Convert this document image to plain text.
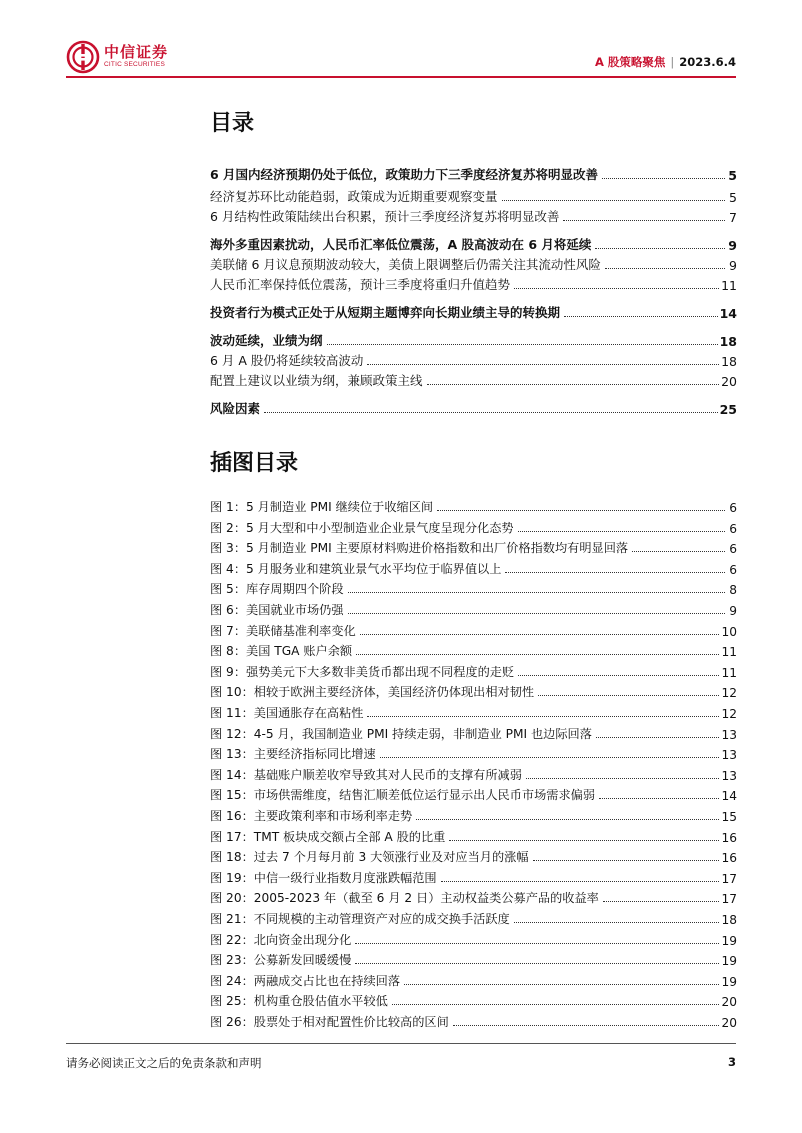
中信证券
CITIC SECURITIES	A 股策略聚焦 | 2023.6.4
目录
6 月国内经济预期仍处于低位，政策助力下三季度经济复苏将明显改善	5
经济复苏环比动能趋弱，政策成为近期重要观察变量	5
6 月结构性政策陆续出台积累，预计三季度经济复苏将明显改善	7
海外多重因素扰动，人民币汇率低位震荡，A 股高波动在 6 月将延续	9
美联储 6 月议息预期波动较大，美债上限调整后仍需关注其流动性风险	9
人民币汇率保持低位震荡，预计三季度将重归升值趋势	11
投资者行为模式正处于从短期主题博弈向长期业绩主导的转换期	14
波动延续，业绩为纲	18
6 月 A 股仍将延续较高波动	18
配置上建议以业绩为纲，兼顾政策主线	20
风险因素	25
插图目录
图 1：5 月制造业 PMI 继续位于收缩区间	6
图 2：5 月大型和中小型制造业企业景气度呈现分化态势	6
图 3：5 月制造业 PMI 主要原材料购进价格指数和出厂价格指数均有明显回落	6
图 4：5 月服务业和建筑业景气水平均位于临界值以上	6
图 5：库存周期四个阶段	8
图 6：美国就业市场仍强	9
图 7：美联储基准利率变化	10
图 8：美国 TGA 账户余额	11
图 9：强势美元下大多数非美货币都出现不同程度的走贬	11
图 10：相较于欧洲主要经济体，美国经济仍体现出相对韧性	12
图 11：美国通胀存在高粘性	12
图 12：4-5 月，我国制造业 PMI 持续走弱，非制造业 PMI 也边际回落	13
图 13：主要经济指标同比增速	13
图 14：基础账户顺差收窄导致其对人民币的支撑有所减弱	13
图 15：市场供需维度，结售汇顺差低位运行显示出人民币市场需求偏弱	14
图 16：主要政策利率和市场利率走势	15
图 17：TMT 板块成交额占全部 A 股的比重	16
图 18：过去 7 个月每月前 3 大领涨行业及对应当月的涨幅	16
图 19：中信一级行业指数月度涨跌幅范围	17
图 20：2005-2023 年（截至 6 月 2 日）主动权益类公募产品的收益率	17
图 21：不同规模的主动管理资产对应的成交换手活跃度	18
图 22：北向资金出现分化	19
图 23：公募新发回暖缓慢	19
图 24：两融成交占比也在持续回落	19
图 25：机构重仓股估值水平较低	20
图 26：股票处于相对配置性价比较高的区间	20
请务必阅读正文之后的免责条款和声明	3
